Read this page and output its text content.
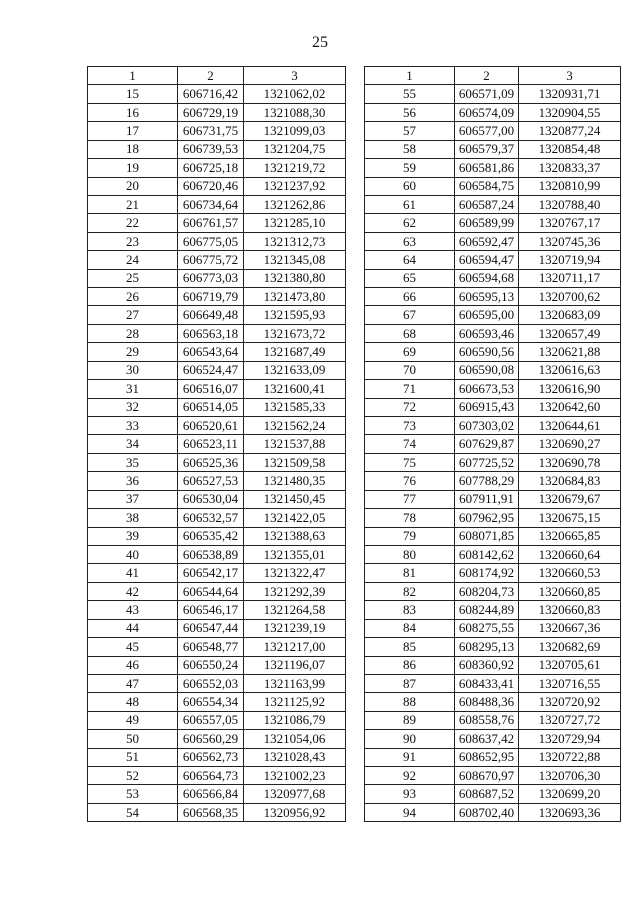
25
1	2	3
15	606716,42	1321062,02
16	606729,19	1321088,30
17	606731,75	1321099,03
18	606739,53	1321204,75
19	606725,18	1321219,72
20	606720,46	1321237,92
21	606734,64	1321262,86
22	606761,57	1321285,10
23	606775,05	1321312,73
24	606775,72	1321345,08
25	606773,03	1321380,80
26	606719,79	1321473,80
27	606649,48	1321595,93
28	606563,18	1321673,72
29	606543,64	1321687,49
30	606524,47	1321633,09
31	606516,07	1321600,41
32	606514,05	1321585,33
33	606520,61	1321562,24
34	606523,11	1321537,88
35	606525,36	1321509,58
36	606527,53	1321480,35
37	606530,04	1321450,45
38	606532,57	1321422,05
39	606535,42	1321388,63
40	606538,89	1321355,01
41	606542,17	1321322,47
42	606544,64	1321292,39
43	606546,17	1321264,58
44	606547,44	1321239,19
45	606548,77	1321217,00
46	606550,24	1321196,07
47	606552,03	1321163,99
48	606554,34	1321125,92
49	606557,05	1321086,79
50	606560,29	1321054,06
51	606562,73	1321028,43
52	606564,73	1321002,23
53	606566,84	1320977,68
54	606568,35	1320956,92
1	2	3
55	606571,09	1320931,71
56	606574,09	1320904,55
57	606577,00	1320877,24
58	606579,37	1320854,48
59	606581,86	1320833,37
60	606584,75	1320810,99
61	606587,24	1320788,40
62	606589,99	1320767,17
63	606592,47	1320745,36
64	606594,47	1320719,94
65	606594,68	1320711,17
66	606595,13	1320700,62
67	606595,00	1320683,09
68	606593,46	1320657,49
69	606590,56	1320621,88
70	606590,08	1320616,63
71	606673,53	1320616,90
72	606915,43	1320642,60
73	607303,02	1320644,61
74	607629,87	1320690,27
75	607725,52	1320690,78
76	607788,29	1320684,83
77	607911,91	1320679,67
78	607962,95	1320675,15
79	608071,85	1320665,85
80	608142,62	1320660,64
81	608174,92	1320660,53
82	608204,73	1320660,85
83	608244,89	1320660,83
84	608275,55	1320667,36
85	608295,13	1320682,69
86	608360,92	1320705,61
87	608433,41	1320716,55
88	608488,36	1320720,92
89	608558,76	1320727,72
90	608637,42	1320729,94
91	608652,95	1320722,88
92	608670,97	1320706,30
93	608687,52	1320699,20
94	608702,40	1320693,36
